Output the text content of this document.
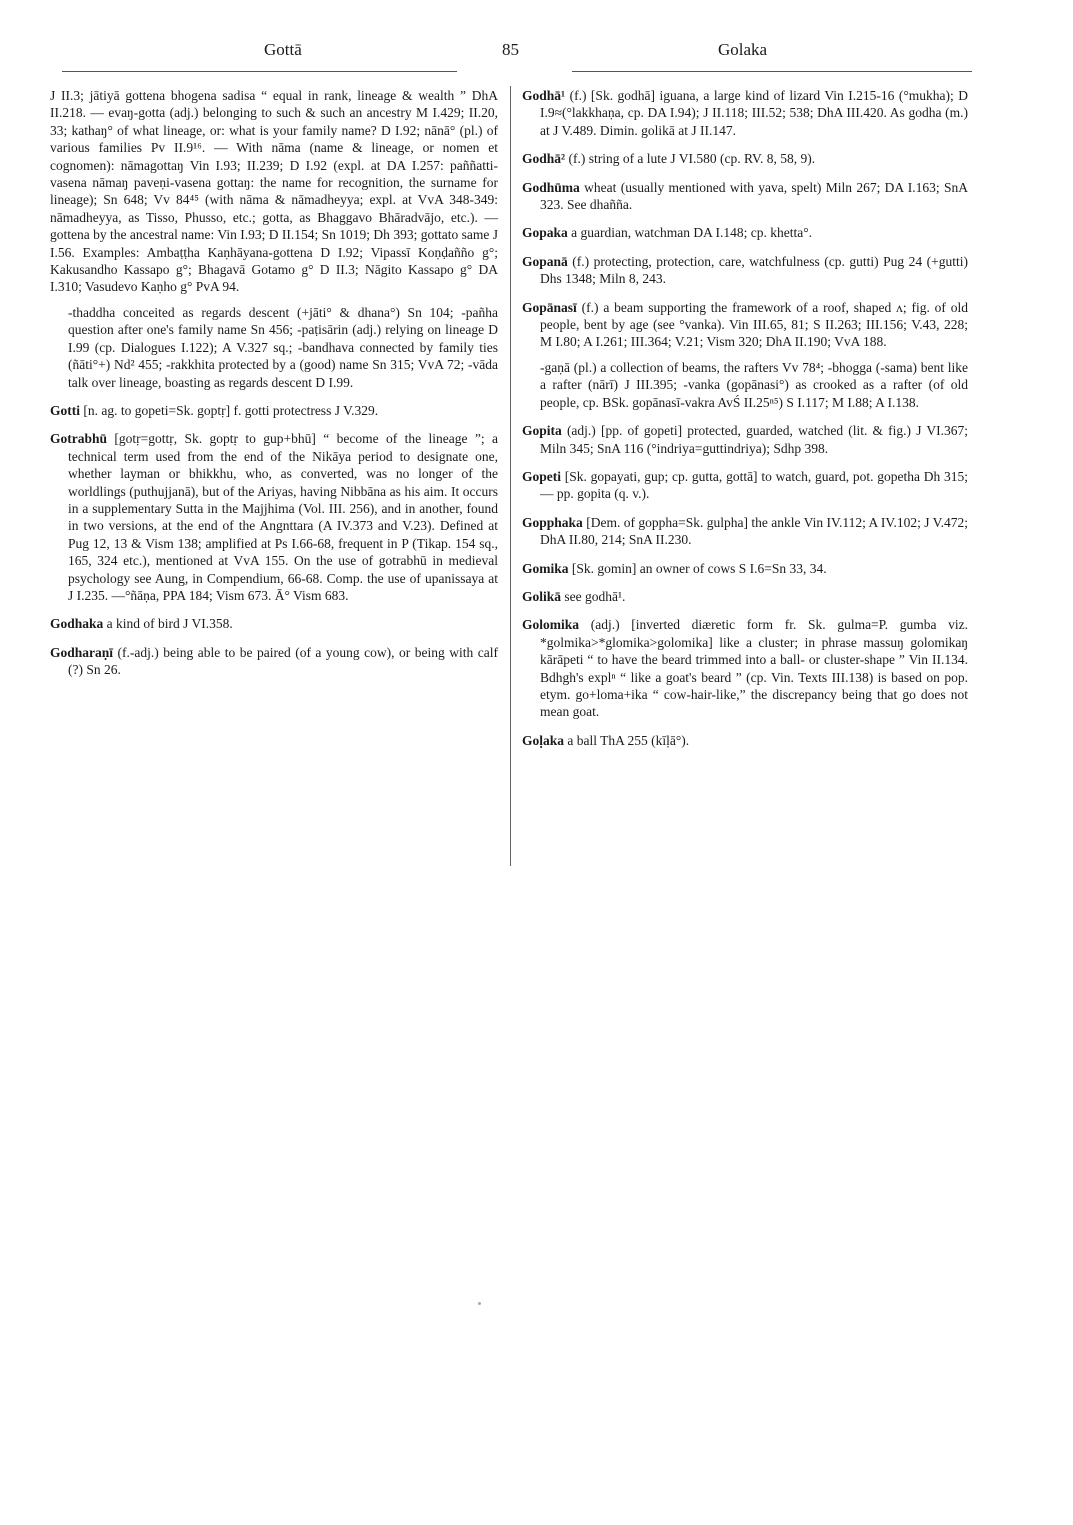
Gottā	85	Golaka

J II.3; jātiyā gottena bhogena sadisa “ equal in rank, lineage & wealth ” DhA II.218. — evaŋ-gotta (adj.) belonging to such & such an ancestry M I.429; II.20, 33; kathaŋ° of what lineage, or: what is your family name? D I.92; nānā° (pl.) of various families Pv II.9¹⁶. — With nāma (name & lineage, or nomen et cognomen): nāmagottaŋ Vin I.93; II.239; D I.92 (expl. at DA I.257: paññatti-vasena nāmaŋ paveṇi-vasena gottaŋ: the name for recognition, the surname for lineage); Sn 648; Vv 84⁴⁵ (with nāma & nāmadheyya; expl. at VvA 348-349: nāmadheyya, as Tisso, Phusso, etc.; gotta, as Bhaggavo Bhāradvājo, etc.). — gottena by the ancestral name: Vin I.93; D II.154; Sn 1019; Dh 393; gottato same J I.56. Examples: Ambaṭṭha Kaṇhāyana-gottena D I.92; Vipassī Koṇḍañño g°; Kakusandho Kassapo g°; Bhagavā Gotamo g° D II.3; Nāgito Kassapo g° DA I.310; Vasudevo Kaṇho g° PvA 94.

-thaddha conceited as regards descent (+jāti° & dhana°) Sn 104; -pañha question after one's family name Sn 456; -paṭisārin (adj.) relying on lineage D I.99 (cp. Dialogues I.122); A V.327 sq.; -bandhava connected by family ties (ñāti°+) Nd² 455; -rakkhita protected by a (good) name Sn 315; VvA 72; -vāda talk over lineage, boasting as regards descent D I.99.

Gotti [n. ag. to gopeti=Sk. goptṛ] f. gotti protectress J V.329.

Gotrabhū [gotṛ=gottṛ, Sk. goptṛ to gup+bhū] “ become of the lineage ”; a technical term used from the end of the Nikāya period to designate one, whether layman or bhikkhu, who, as converted, was no longer of the worldlings (puthujjanā), but of the Ariyas, having Nibbāna as his aim. It occurs in a supplementary Sutta in the Majjhima (Vol. III. 256), and in another, found in two versions, at the end of the Angnttara (A IV.373 and V.23). Defined at Pug 12, 13 & Vism 138; amplified at Ps I.66-68, frequent in P (Tikap. 154 sq., 165, 324 etc.), mentioned at VvA 155. On the use of gotrabhū in medieval psychology see Aung, in Compendium, 66-68. Comp. the use of upanissaya at J I.235. —°ñāṇa, PPA 184; Vism 673. Ā° Vism 683.

Godhaka a kind of bird J VI.358.

Godharaṇī (f.-adj.) being able to be paired (of a young cow), or being with calf (?) Sn 26.

Godhā¹ (f.) [Sk. godhā] iguana, a large kind of lizard Vin I.215-16 (°mukha); D I.9≈(°lakkhaṇa, cp. DA I.94); J II.118; III.52; 538; DhA III.420. As godha (m.) at J V.489. Dimin. golikā at J II.147.

Godhā² (f.) string of a lute J VI.580 (cp. RV. 8, 58, 9).

Godhūma wheat (usually mentioned with yava, spelt) Miln 267; DA I.163; SnA 323. See dhañña.

Gopaka a guardian, watchman DA I.148; cp. khetta°.

Gopanā (f.) protecting, protection, care, watchfulness (cp. gutti) Pug 24 (+gutti) Dhs 1348; Miln 8, 243.

Gopānasī (f.) a beam supporting the framework of a roof, shaped ʌ; fig. of old people, bent by age (see °vanka). Vin III.65, 81; S II.263; III.156; V.43, 228; M I.80; A I.261; III.364; V.21; Vism 320; DhA II.190; VvA 188.

-gaṇā (pl.) a collection of beams, the rafters Vv 78⁴; -bhogga (-sama) bent like a rafter (nārī) J III.395; -vanka (gopānasi°) as crooked as a rafter (of old people, cp. BSk. gopānasī-vakra AvŚ II.25ⁿ⁵) S I.117; M I.88; A I.138.

Gopita (adj.) [pp. of gopeti] protected, guarded, watched (lit. & fig.) J VI.367; Miln 345; SnA 116 (°indriya=guttindriya); Sdhp 398.

Gopeti [Sk. gopayati, gup; cp. gutta, gottā] to watch, guard, pot. gopetha Dh 315; — pp. gopita (q. v.).

Gopphaka [Dem. of goppha=Sk. gulpha] the ankle Vin IV.112; A IV.102; J V.472; DhA II.80, 214; SnA II.230.

Gomika [Sk. gomin] an owner of cows S I.6=Sn 33, 34.

Golikā see godhā¹.

Golomika (adj.) [inverted diæretic form fr. Sk. gulma=P. gumba viz. *golmika>*glomika>golomika] like a cluster; in phrase massuŋ golomikaŋ kārāpeti “ to have the beard trimmed into a ball- or cluster-shape ” Vin II.134. Bdhgh's explⁿ “ like a goat's beard ” (cp. Vin. Texts III.138) is based on pop. etym. go+loma+ika “ cow-hair-like,” the discrepancy being that go does not mean goat.

Goḷaka a ball ThA 255 (kīḷā°).
